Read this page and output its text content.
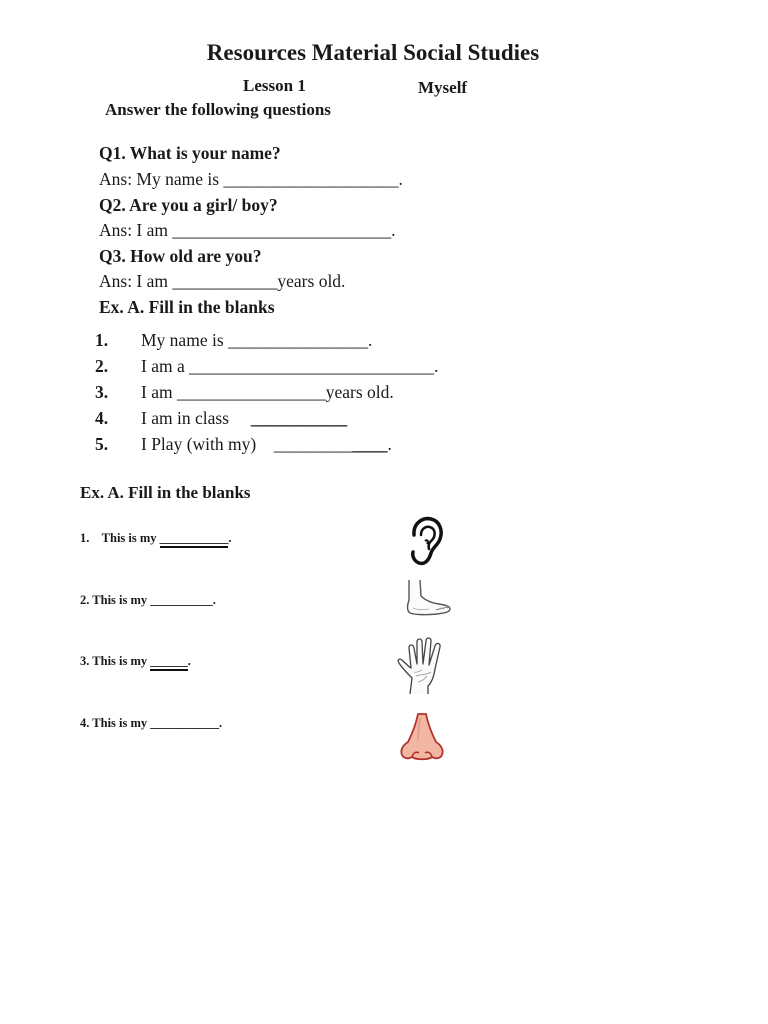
Resources Material Social Studies
Lesson 1	Myself
Answer the following questions
Q1. What is your name?
Ans: My name is ____________________.
Q2. Are you a girl/ boy?
Ans: I am _________________________.
Q3. How old are you?
Ans: I am ____________years old.
Ex. A. Fill in the blanks
1. My name is ________________.
2. I am a ____________________________.
3. I am _________________years old.
4. I am in class ___________
5. I Play (with my) _____________.
Ex. A. Fill in the blanks
1. This is my ___________.
2. This is my __________.
3. This is my ______.
4. This is my ___________.
